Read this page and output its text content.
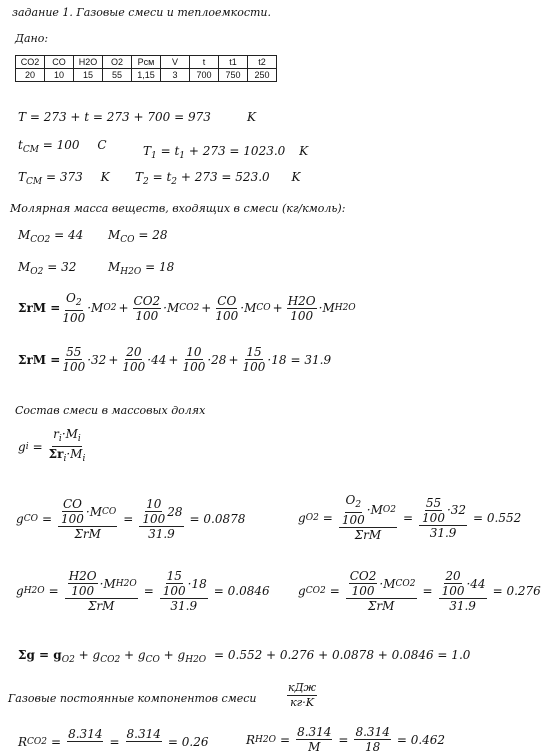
задание 1. Газовые смеси и теплоемкости.
Дано:
CO2	CO	H2O	O2	Pсм	V	t	t1	t2
20	10	15	55	1,15	3	700	750	250
T = 273 + t = 273 + 700 = 973	K
$t_{CM} = 100$ C	$T_1 = t_1 + 273 = 1023.0$ K
$T_{CM} = 373$ K $T_2 = t_2 + 273 = 523.0$ K
Молярная масса веществ, входящих в смеси (кг/кмоль):
$M_{CO2} = 44$ $M_{CO} = 28$
$M_{O2} = 32$	$M_{H2O} = 18$
$\Sigma rM = \frac{O_2}{100} \cdot M$ $O2 + \frac{CO2}{100} \cdot M$ $CO2 + \frac{CO}{100} \cdot M$ CO + $\frac{H2O}{100} \cdot M$ H2O
$\Sigma rM = \frac{55}{100} \cdot 32 + \frac{20}{100} \cdot 44 + \frac{10}{100} \cdot 28 + \frac{15}{100} \cdot 18 = 31.9$
Состав смеси в массовых долях
g i =
$r_i\cdot M_i$
$\Sigma r_i\cdot M_i$
g CO =
CO
100
·M CO
ΣrM
= 10
100
28
31.9 = 0.0878	g O2 =
$O_2$
100
·M O2
ΣrM
= 55
100
·32
31.9 = 0.552
g H2O =
H2O
100
·M H2O
ΣrM
= 15
100
·18
31.9 = 0.0846 g CO2 =
CO2
100
·M CO2
ΣrM
= 20
100
·44
31.9 = 0.276
$\Sigma g = g_{O2} + g_{CO2} + g_{CO} + g_{H2O} = 0.552 + 0.276 + 0.0878 + 0.0846 = 1.0$
Газовые постоянные компонентов смеси
кДж
кг·K
R CO2 =
8.314

=
8.314

= 0.26	R $H2O = \frac{8.314}{M} = \frac{8.314}{18} = 0.462$
